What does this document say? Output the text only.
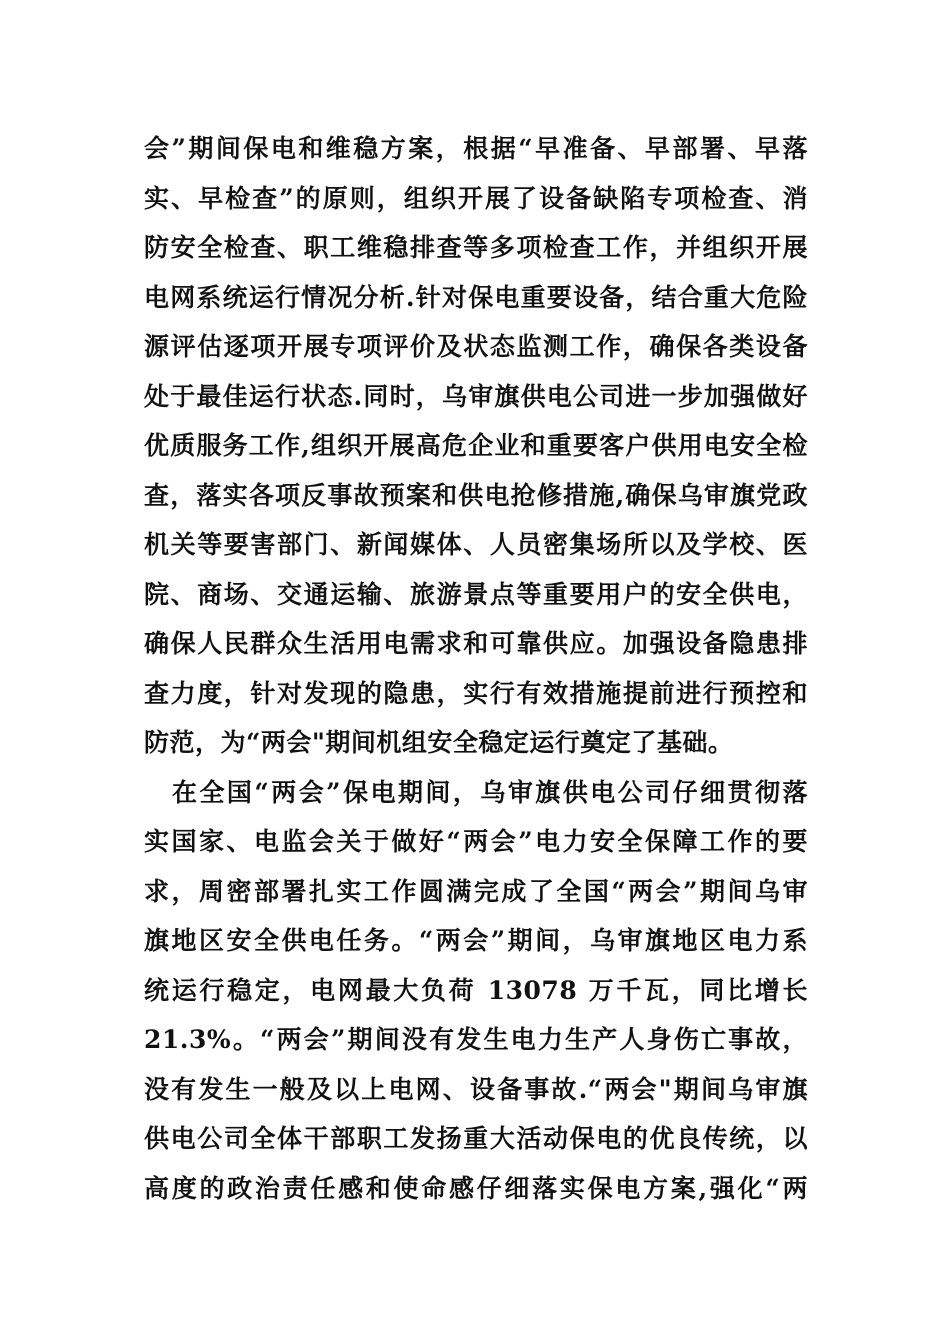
会”期间保电和维稳方案，根据“早准备、早部署、早落
实、早检查”的原则，组织开展了设备缺陷专项检查、消
防安全检查、职工维稳排查等多项检查工作，并组织开展
电网系统运行情况分析.针对保电重要设备，结合重大危险
源评估逐项开展专项评价及状态监测工作，确保各类设备
处于最佳运行状态.同时，乌审旗供电公司进一步加强做好
优质服务工作,组织开展高危企业和重要客户供用电安全检
查，落实各项反事故预案和供电抢修措施,确保乌审旗党政
机关等要害部门、新闻媒体、人员密集场所以及学校、医
院、商场、交通运输、旅游景点等重要用户的安全供电，
确保人民群众生活用电需求和可靠供应。加强设备隐患排
查力度，针对发现的隐患，实行有效措施提前进行预控和
防范，为“两会"期间机组安全稳定运行奠定了基础。
在全国“两会”保电期间，乌审旗供电公司仔细贯彻落
实国家、电监会关于做好“两会”电力安全保障工作的要
求，周密部署扎实工作圆满完成了全国“两会”期间乌审
旗地区安全供电任务。“两会”期间，乌审旗地区电力系
统运行稳定，电网最大负荷 13078 万千瓦，同比增长
21.3%。“两会”期间没有发生电力生产人身伤亡事故，
没有发生一般及以上电网、设备事故.“两会"期间乌审旗
供电公司全体干部职工发扬重大活动保电的优良传统，以
高度的政治责任感和使命感仔细落实保电方案,强化“两
